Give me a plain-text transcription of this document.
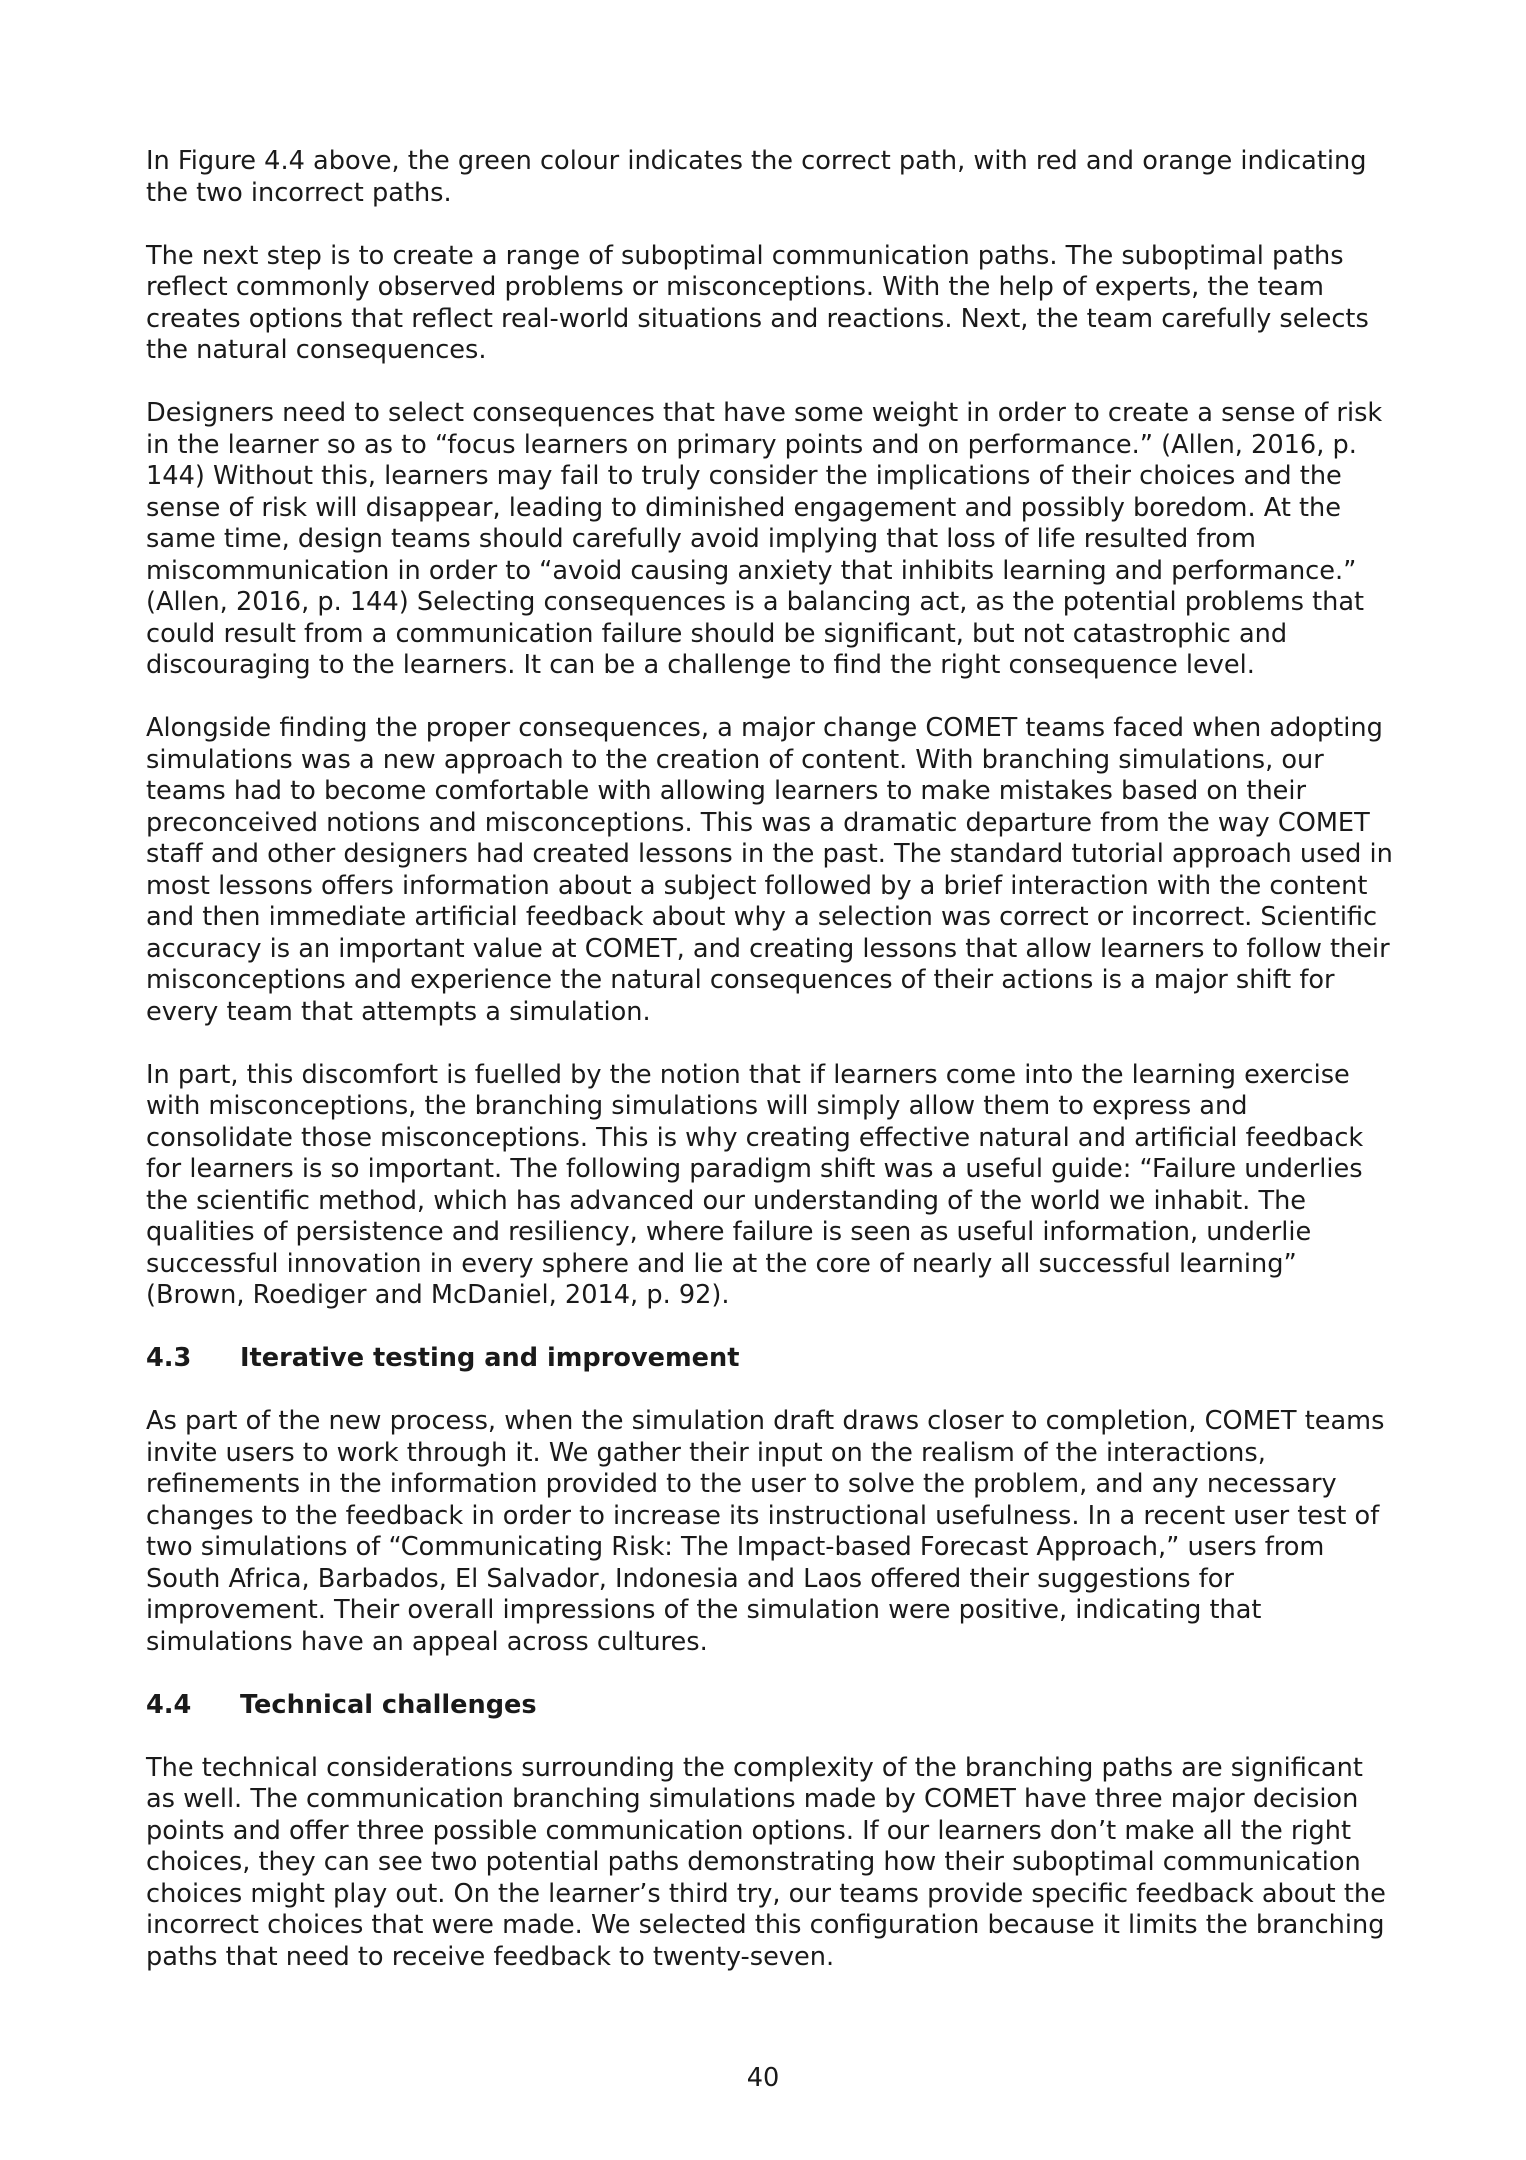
In Figure 4.4 above, the green colour indicates the correct path, with red and orange indicating the two incorrect paths.

The next step is to create a range of suboptimal communication paths. The suboptimal paths reflect commonly observed problems or misconceptions. With the help of experts, the team creates options that reflect real-world situations and reactions. Next, the team carefully selects the natural consequences.

Designers need to select consequences that have some weight in order to create a sense of risk in the learner so as to “focus learners on primary points and on performance.” (Allen, 2016, p. 144) Without this, learners may fail to truly consider the implications of their choices and the sense of risk will disappear, leading to diminished engagement and possibly boredom. At the same time, design teams should carefully avoid implying that loss of life resulted from miscommunication in order to “avoid causing anxiety that inhibits learning and performance.” (Allen, 2016, p. 144) Selecting consequences is a balancing act, as the potential problems that could result from a communication failure should be significant, but not catastrophic and discouraging to the learners. It can be a challenge to find the right consequence level.

Alongside finding the proper consequences, a major change COMET teams faced when adopting simulations was a new approach to the creation of content. With branching simulations, our teams had to become comfortable with allowing learners to make mistakes based on their preconceived notions and misconceptions. This was a dramatic departure from the way COMET staff and other designers had created lessons in the past. The standard tutorial approach used in most lessons offers information about a subject followed by a brief interaction with the content and then immediate artificial feedback about why a selection was correct or incorrect. Scientific accuracy is an important value at COMET, and creating lessons that allow learners to follow their misconceptions and experience the natural consequences of their actions is a major shift for every team that attempts a simulation.

In part, this discomfort is fuelled by the notion that if learners come into the learning exercise with misconceptions, the branching simulations will simply allow them to express and consolidate those misconceptions. This is why creating effective natural and artificial feedback for learners is so important. The following paradigm shift was a useful guide: “Failure underlies the scientific method, which has advanced our understanding of the world we inhabit. The qualities of persistence and resiliency, where failure is seen as useful information, underlie successful innovation in every sphere and lie at the core of nearly all successful learning” (Brown, Roediger and McDaniel, 2014, p. 92).

4.3 Iterative testing and improvement

As part of the new process, when the simulation draft draws closer to completion, COMET teams invite users to work through it. We gather their input on the realism of the interactions, refinements in the information provided to the user to solve the problem, and any necessary changes to the feedback in order to increase its instructional usefulness. In a recent user test of two simulations of “Communicating Risk: The Impact-based Forecast Approach,” users from South Africa, Barbados, El Salvador, Indonesia and Laos offered their suggestions for improvement. Their overall impressions of the simulation were positive, indicating that simulations have an appeal across cultures.

4.4 Technical challenges

The technical considerations surrounding the complexity of the branching paths are significant as well. The communication branching simulations made by COMET have three major decision points and offer three possible communication options. If our learners don’t make all the right choices, they can see two potential paths demonstrating how their suboptimal communication choices might play out. On the learner’s third try, our teams provide specific feedback about the incorrect choices that were made. We selected this configuration because it limits the branching paths that need to receive feedback to twenty-seven.

40
